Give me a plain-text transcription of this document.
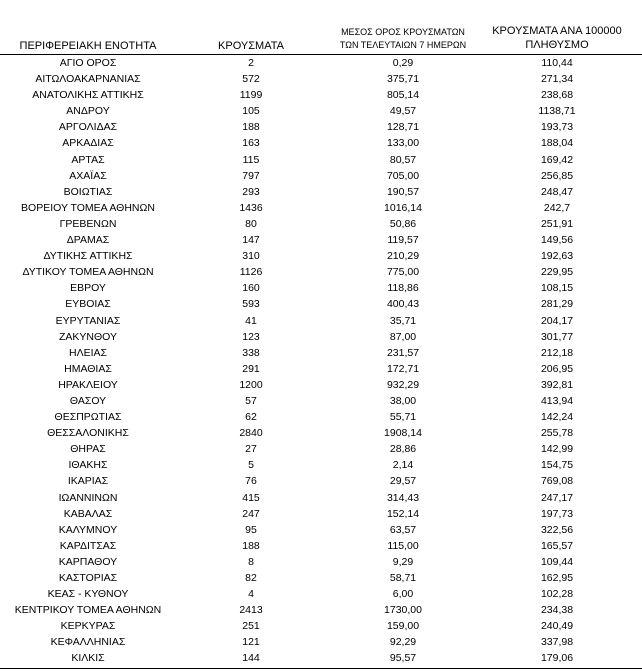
ΠΕΡΙΦΕΡΕΙΑΚΗ ΕΝΟΤΗΤΑ	ΚΡΟΥΣΜΑΤΑ
ΜΕΣΟΣ ΟΡΟΣ ΚΡΟΥΣΜΑΤΩΝ
ΤΩΝ ΤΕΛΕΥΤΑΙΩΝ 7 ΗΜΕΡΩΝ
ΚΡΟΥΣΜΑΤΑ ΑΝΑ 100000
ΠΛΗΘΥΣΜΟ
ΑΓΙΟ ΟΡΟΣ	2	0,29	110,44
ΑΙΤΩΛΟΑΚΑΡΝΑΝΙΑΣ	572	375,71	271,34
ΑΝΑΤΟΛΙΚΗΣ ΑΤΤΙΚΗΣ	1199	805,14	238,68
ΑΝΔΡΟΥ	105	49,57	1138,71
ΑΡΓΟΛΙΔΑΣ	188	128,71	193,73
ΑΡΚΑΔΙΑΣ	163	133,00	188,04
ΑΡΤΑΣ	115	80,57	169,42
ΑΧΑΪΑΣ	797	705,00	256,85
ΒΟΙΩΤΙΑΣ	293	190,57	248,47
ΒΟΡΕΙΟΥ ΤΟΜΕΑ ΑΘΗΝΩΝ	1436	1016,14	242,7
ΓΡΕΒΕΝΩΝ	80	50,86	251,91
ΔΡΑΜΑΣ	147	119,57	149,56
ΔΥΤΙΚΗΣ ΑΤΤΙΚΗΣ	310	210,29	192,63
ΔΥΤΙΚΟΥ ΤΟΜΕΑ ΑΘΗΝΩΝ	1126	775,00	229,95
ΕΒΡΟΥ	160	118,86	108,15
ΕΥΒΟΙΑΣ	593	400,43	281,29
ΕΥΡΥΤΑΝΙΑΣ	41	35,71	204,17
ΖΑΚΥΝΘΟΥ	123	87,00	301,77
ΗΛΕΙΑΣ	338	231,57	212,18
ΗΜΑΘΙΑΣ	291	172,71	206,95
ΗΡΑΚΛΕΙΟΥ	1200	932,29	392,81
ΘΑΣΟΥ	57	38,00	413,94
ΘΕΣΠΡΩΤΙΑΣ	62	55,71	142,24
ΘΕΣΣΑΛΟΝΙΚΗΣ	2840	1908,14	255,78
ΘΗΡΑΣ	27	28,86	142,99
ΙΘΑΚΗΣ	5	2,14	154,75
ΙΚΑΡΙΑΣ	76	29,57	769,08
ΙΩΑΝΝΙΝΩΝ	415	314,43	247,17
ΚΑΒΑΛΑΣ	247	152,14	197,73
ΚΑΛΥΜΝΟΥ	95	63,57	322,56
ΚΑΡΔΙΤΣΑΣ	188	115,00	165,57
ΚΑΡΠΑΘΟΥ	8	9,29	109,44
ΚΑΣΤΟΡΙΑΣ	82	58,71	162,95
ΚΕΑΣ - ΚΥΘΝΟΥ	4	6,00	102,28
ΚΕΝΤΡΙΚΟΥ ΤΟΜΕΑ ΑΘΗΝΩΝ	2413	1730,00	234,38
ΚΕΡΚΥΡΑΣ	251	159,00	240,49
ΚΕΦΑΛΛΗΝΙΑΣ	121	92,29	337,98
ΚΙΛΚΙΣ	144	95,57	179,06
